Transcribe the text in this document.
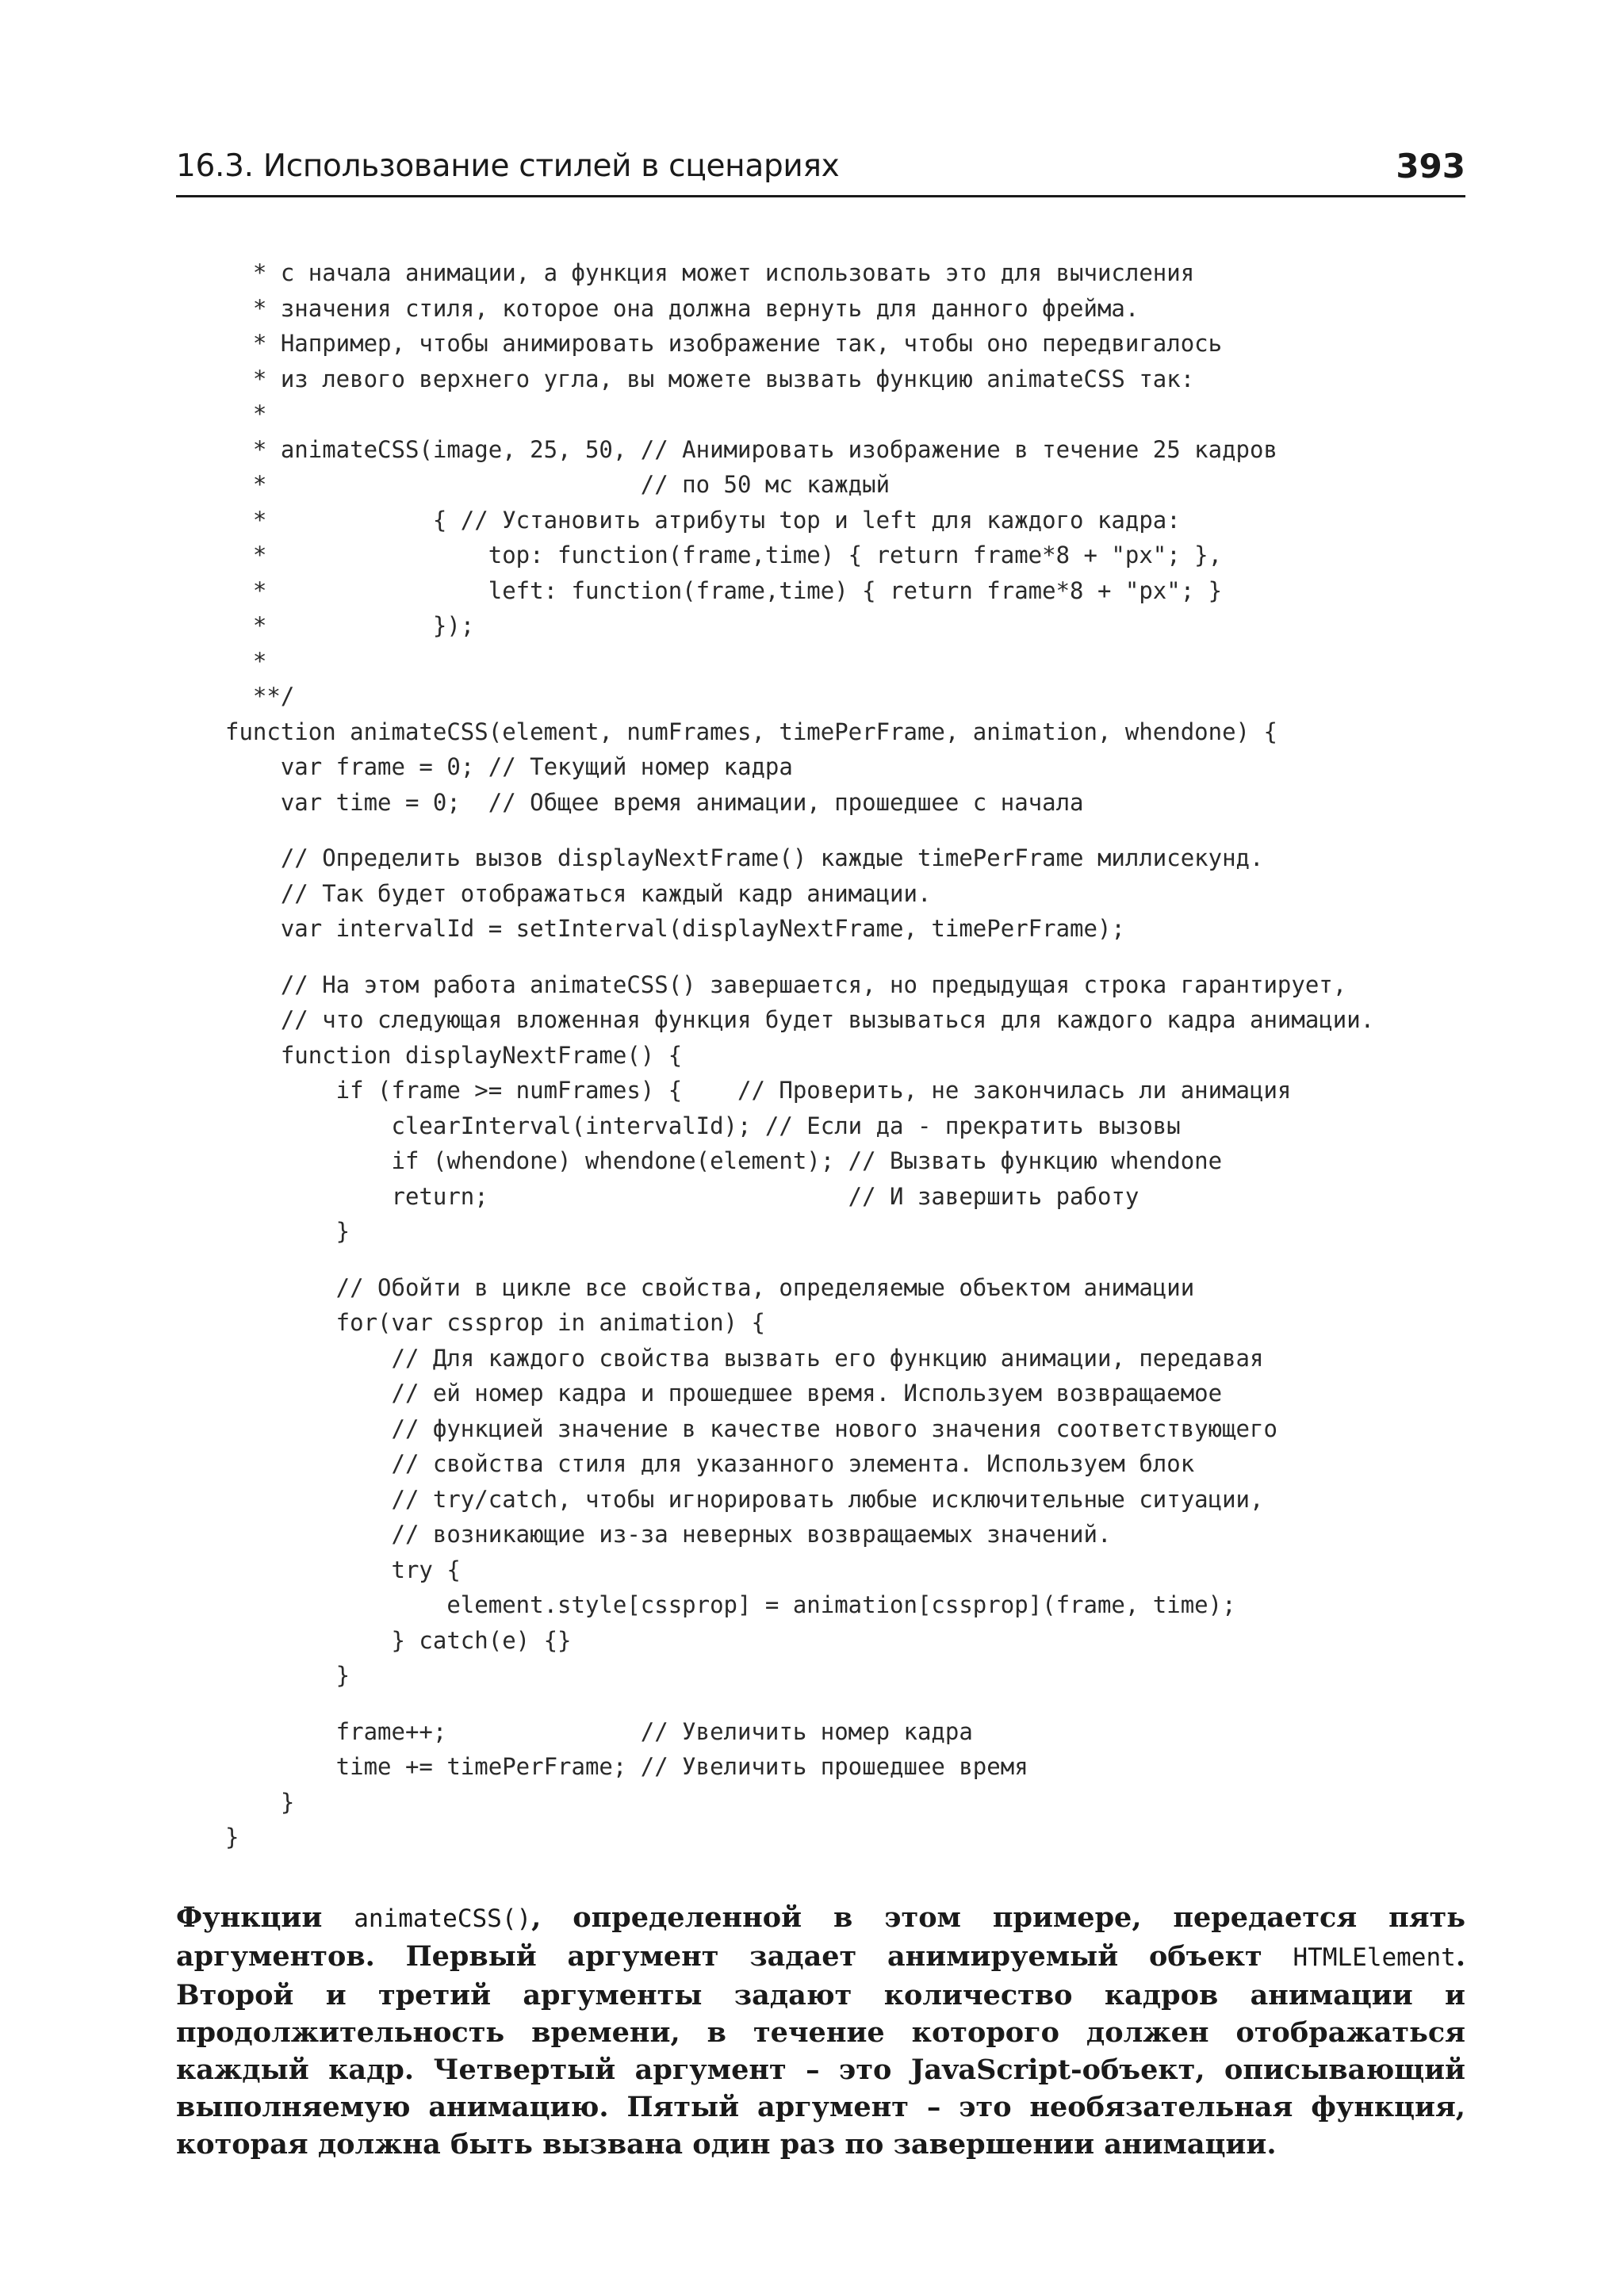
16.3. Использование стилей в сценариях	393
* с начала анимации, а функция может использовать это для вычисления
* значения стиля, которое она должна вернуть для данного фрейма.
* Например, чтобы анимировать изображение так, чтобы оно передвигалось
* из левого верхнего угла, вы можете вызвать функцию animateCSS так:
*
* animateCSS(image, 25, 50, // Анимировать изображение в течение 25 кадров
*                           // по 50 мс каждый
*            { // Установить атрибуты top и left для каждого кадра:
*                top: function(frame,time) { return frame*8 + "px"; },
*                left: function(frame,time) { return frame*8 + "px"; }
*            });
*
**/
function animateCSS(element, numFrames, timePerFrame, animation, whendone) {
var frame = 0; // Текущий номер кадра
var time = 0;  // Общее время анимации, прошедшее с начала
// Определить вызов displayNextFrame() каждые timePerFrame миллисекунд.
// Так будет отображаться каждый кадр анимации.
var intervalId = setInterval(displayNextFrame, timePerFrame);
// На этом работа animateCSS() завершается, но предыдущая строка гарантирует,
// что следующая вложенная функция будет вызываться для каждого кадра анимации.
function displayNextFrame() {
if (frame >= numFrames) {    // Проверить, не закончилась ли анимация
clearInterval(intervalId); // Если да - прекратить вызовы
if (whendone) whendone(element); // Вызвать функцию whendone
return;                          // И завершить работу
}
// Обойти в цикле все свойства, определяемые объектом анимации
for(var cssprop in animation) {
// Для каждого свойства вызвать его функцию анимации, передавая
// ей номер кадра и прошедшее время. Используем возвращаемое
// функцией значение в качестве нового значения соответствующего
// свойства стиля для указанного элемента. Используем блок
// try/catch, чтобы игнорировать любые исключительные ситуации,
// возникающие из-за неверных возвращаемых значений.
try {
element.style[cssprop] = animation[cssprop](frame, time);
} catch(e) {}
}
frame++;              // Увеличить номер кадра
time += timePerFrame; // Увеличить прошедшее время
}
}

Функции animateCSS(), определенной в этом примере, передается пять аргументов. Первый аргумент задает анимируемый объект HTMLElement. Второй и третий аргументы задают количество кадров анимации и продолжительность времени, в течение которого должен отображаться каждый кадр. Четвертый аргумент – это JavaScript-объект, описывающий выполняемую анимацию. Пятый аргумент – это необязательная функция, которая должна быть вызвана один раз по завершении анимации.
